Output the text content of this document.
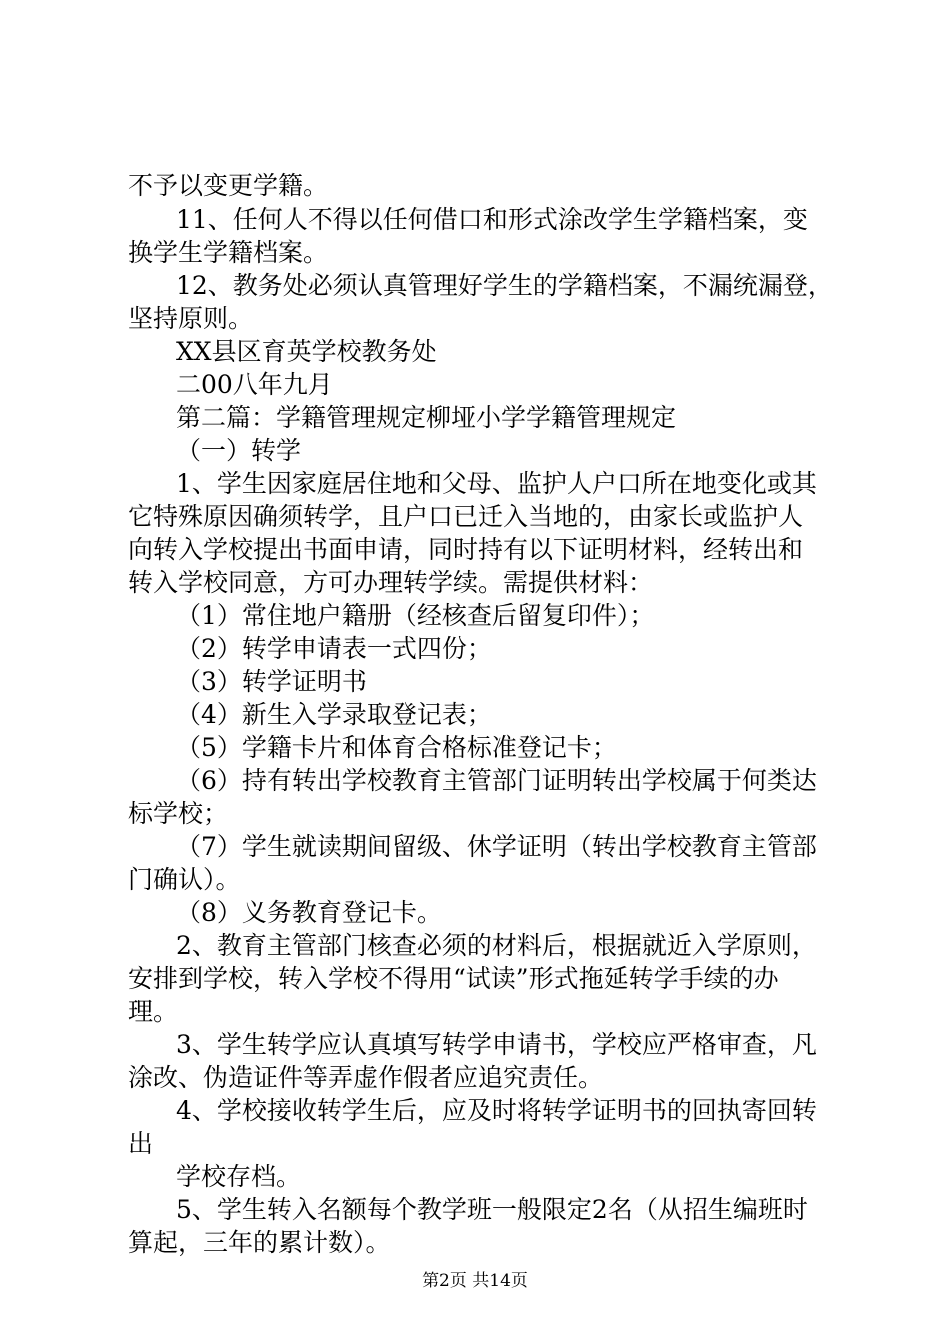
不予以变更学籍。

11、任何人不得以任何借口和形式涂改学生学籍档案，变

换学生学籍档案。

12、教务处必须认真管理好学生的学籍档案，不漏统漏登，

坚持原则。

XX县区育英学校教务处

二00八年九月

第二篇：学籍管理规定柳垭小学学籍管理规定

（一）转学

1、学生因家庭居住地和父母、监护人户口所在地变化或其

它特殊原因确须转学，且户口已迁入当地的，由家长或监护人

向转入学校提出书面申请，同时持有以下证明材料，经转出和

转入学校同意，方可办理转学续。需提供材料：

（1）常住地户籍册（经核查后留复印件）；

（2）转学申请表一式四份；

（3）转学证明书

（4）新生入学录取登记表；

（5）学籍卡片和体育合格标准登记卡；

（6）持有转出学校教育主管部门证明转出学校属于何类达

标学校；

（7）学生就读期间留级、休学证明（转出学校教育主管部

门确认）。

（8）义务教育登记卡。

2、教育主管部门核查必须的材料后，根据就近入学原则，

安排到学校，转入学校不得用“试读”形式拖延转学手续的办

理。

3、学生转学应认真填写转学申请书，学校应严格审查，凡

涂改、伪造证件等弄虚作假者应追究责任。

4、学校接收转学生后，应及时将转学证明书的回执寄回转

出

学校存档。

5、学生转入名额每个教学班一般限定2名（从招生编班时

算起，三年的累计数）。

第2页 共14页
